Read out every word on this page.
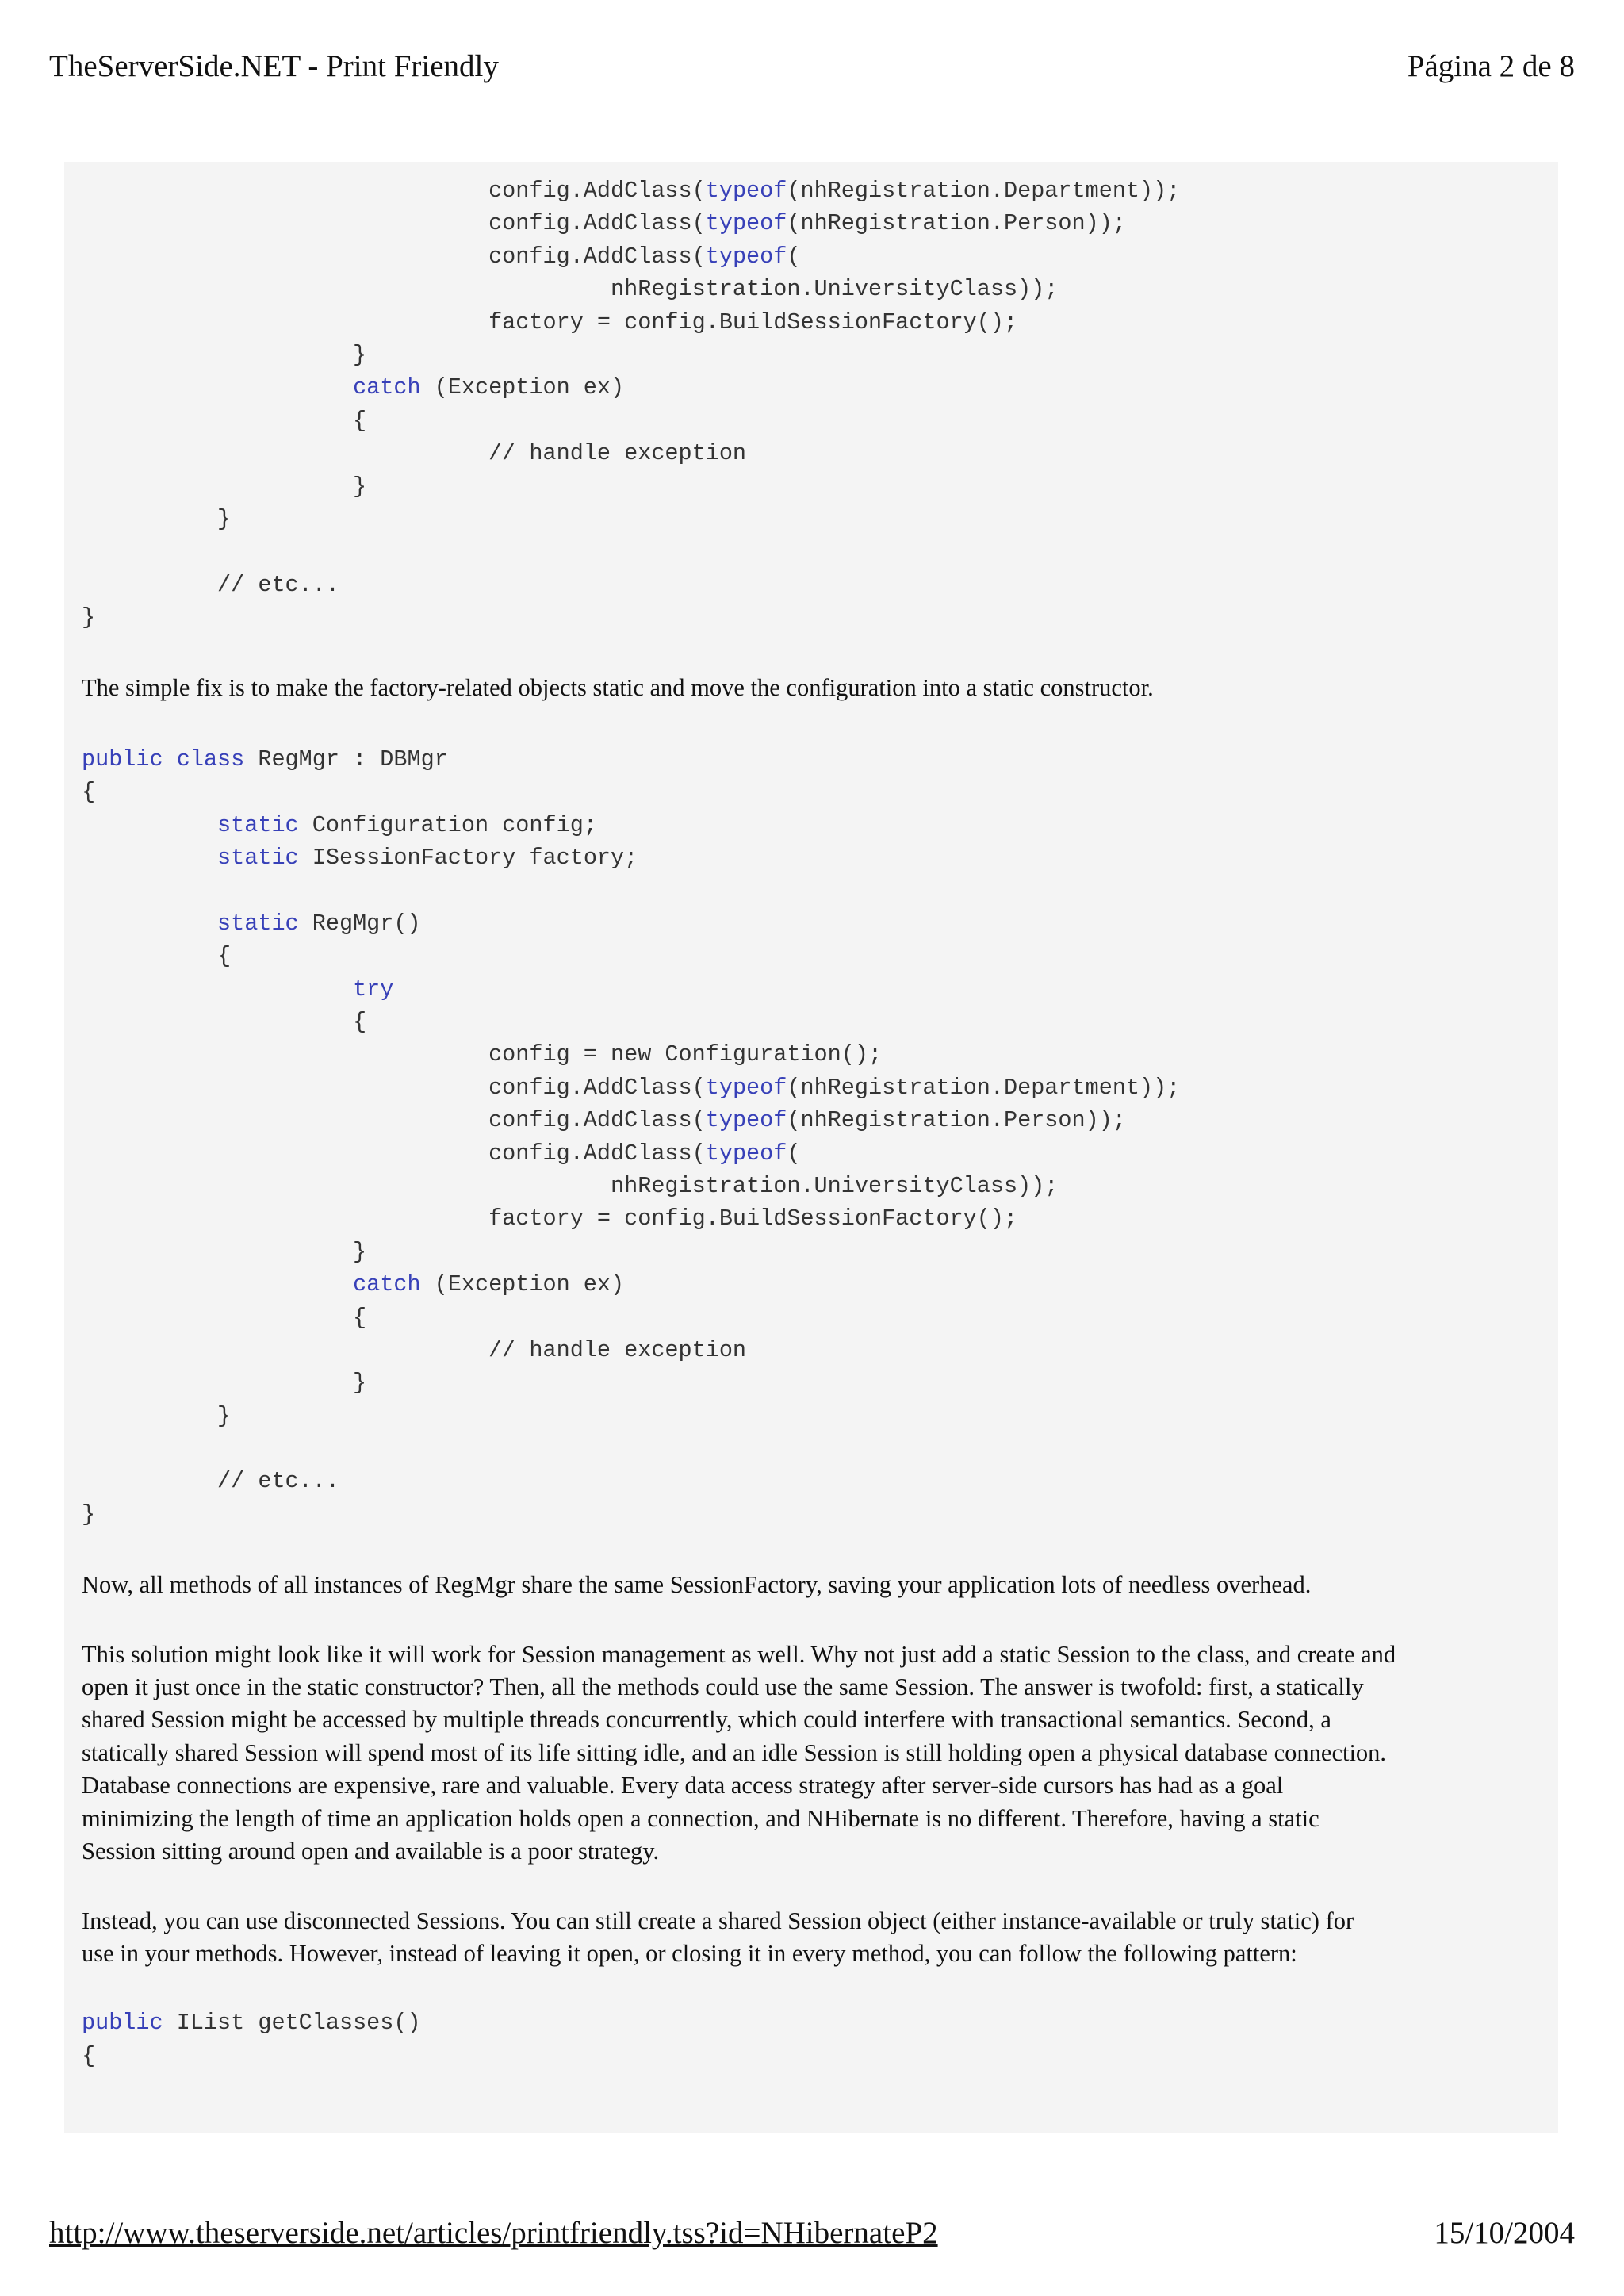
TheServerSide.NET - Print Friendly	Página 2 de 8
config.AddClass(typeof(nhRegistration.Department));
config.AddClass(typeof(nhRegistration.Person));
config.AddClass(typeof(
nhRegistration.UniversityClass));
factory = config.BuildSessionFactory();
}
catch (Exception ex)
{
// handle exception
}
}
// etc...
}

The simple fix is to make the factory-related objects static and move the configuration into a static constructor.

public class RegMgr : DBMgr
{
static Configuration config;
static ISessionFactory factory;
static RegMgr()
{
try
{
config = new Configuration();
config.AddClass(typeof(nhRegistration.Department));
config.AddClass(typeof(nhRegistration.Person));
config.AddClass(typeof(
nhRegistration.UniversityClass));
factory = config.BuildSessionFactory();
}
catch (Exception ex)
{
// handle exception
}
}
// etc...
}

Now, all methods of all instances of RegMgr share the same SessionFactory, saving your application lots of needless overhead.

This solution might look like it will work for Session management as well. Why not just add a static Session to the class, and create and
open it just once in the static constructor? Then, all the methods could use the same Session. The answer is twofold: first, a statically
shared Session might be accessed by multiple threads concurrently, which could interfere with transactional semantics. Second, a
statically shared Session will spend most of its life sitting idle, and an idle Session is still holding open a physical database connection.
Database connections are expensive, rare and valuable. Every data access strategy after server-side cursors has had as a goal
minimizing the length of time an application holds open a connection, and NHibernate is no different. Therefore, having a static
Session sitting around open and available is a poor strategy.

Instead, you can use disconnected Sessions. You can still create a shared Session object (either instance-available or truly static) for
use in your methods. However, instead of leaving it open, or closing it in every method, you can follow the following pattern:

public IList getClasses()
{
http://www.theserverside.net/articles/printfriendly.tss?id=NHibernateP2	15/10/2004
